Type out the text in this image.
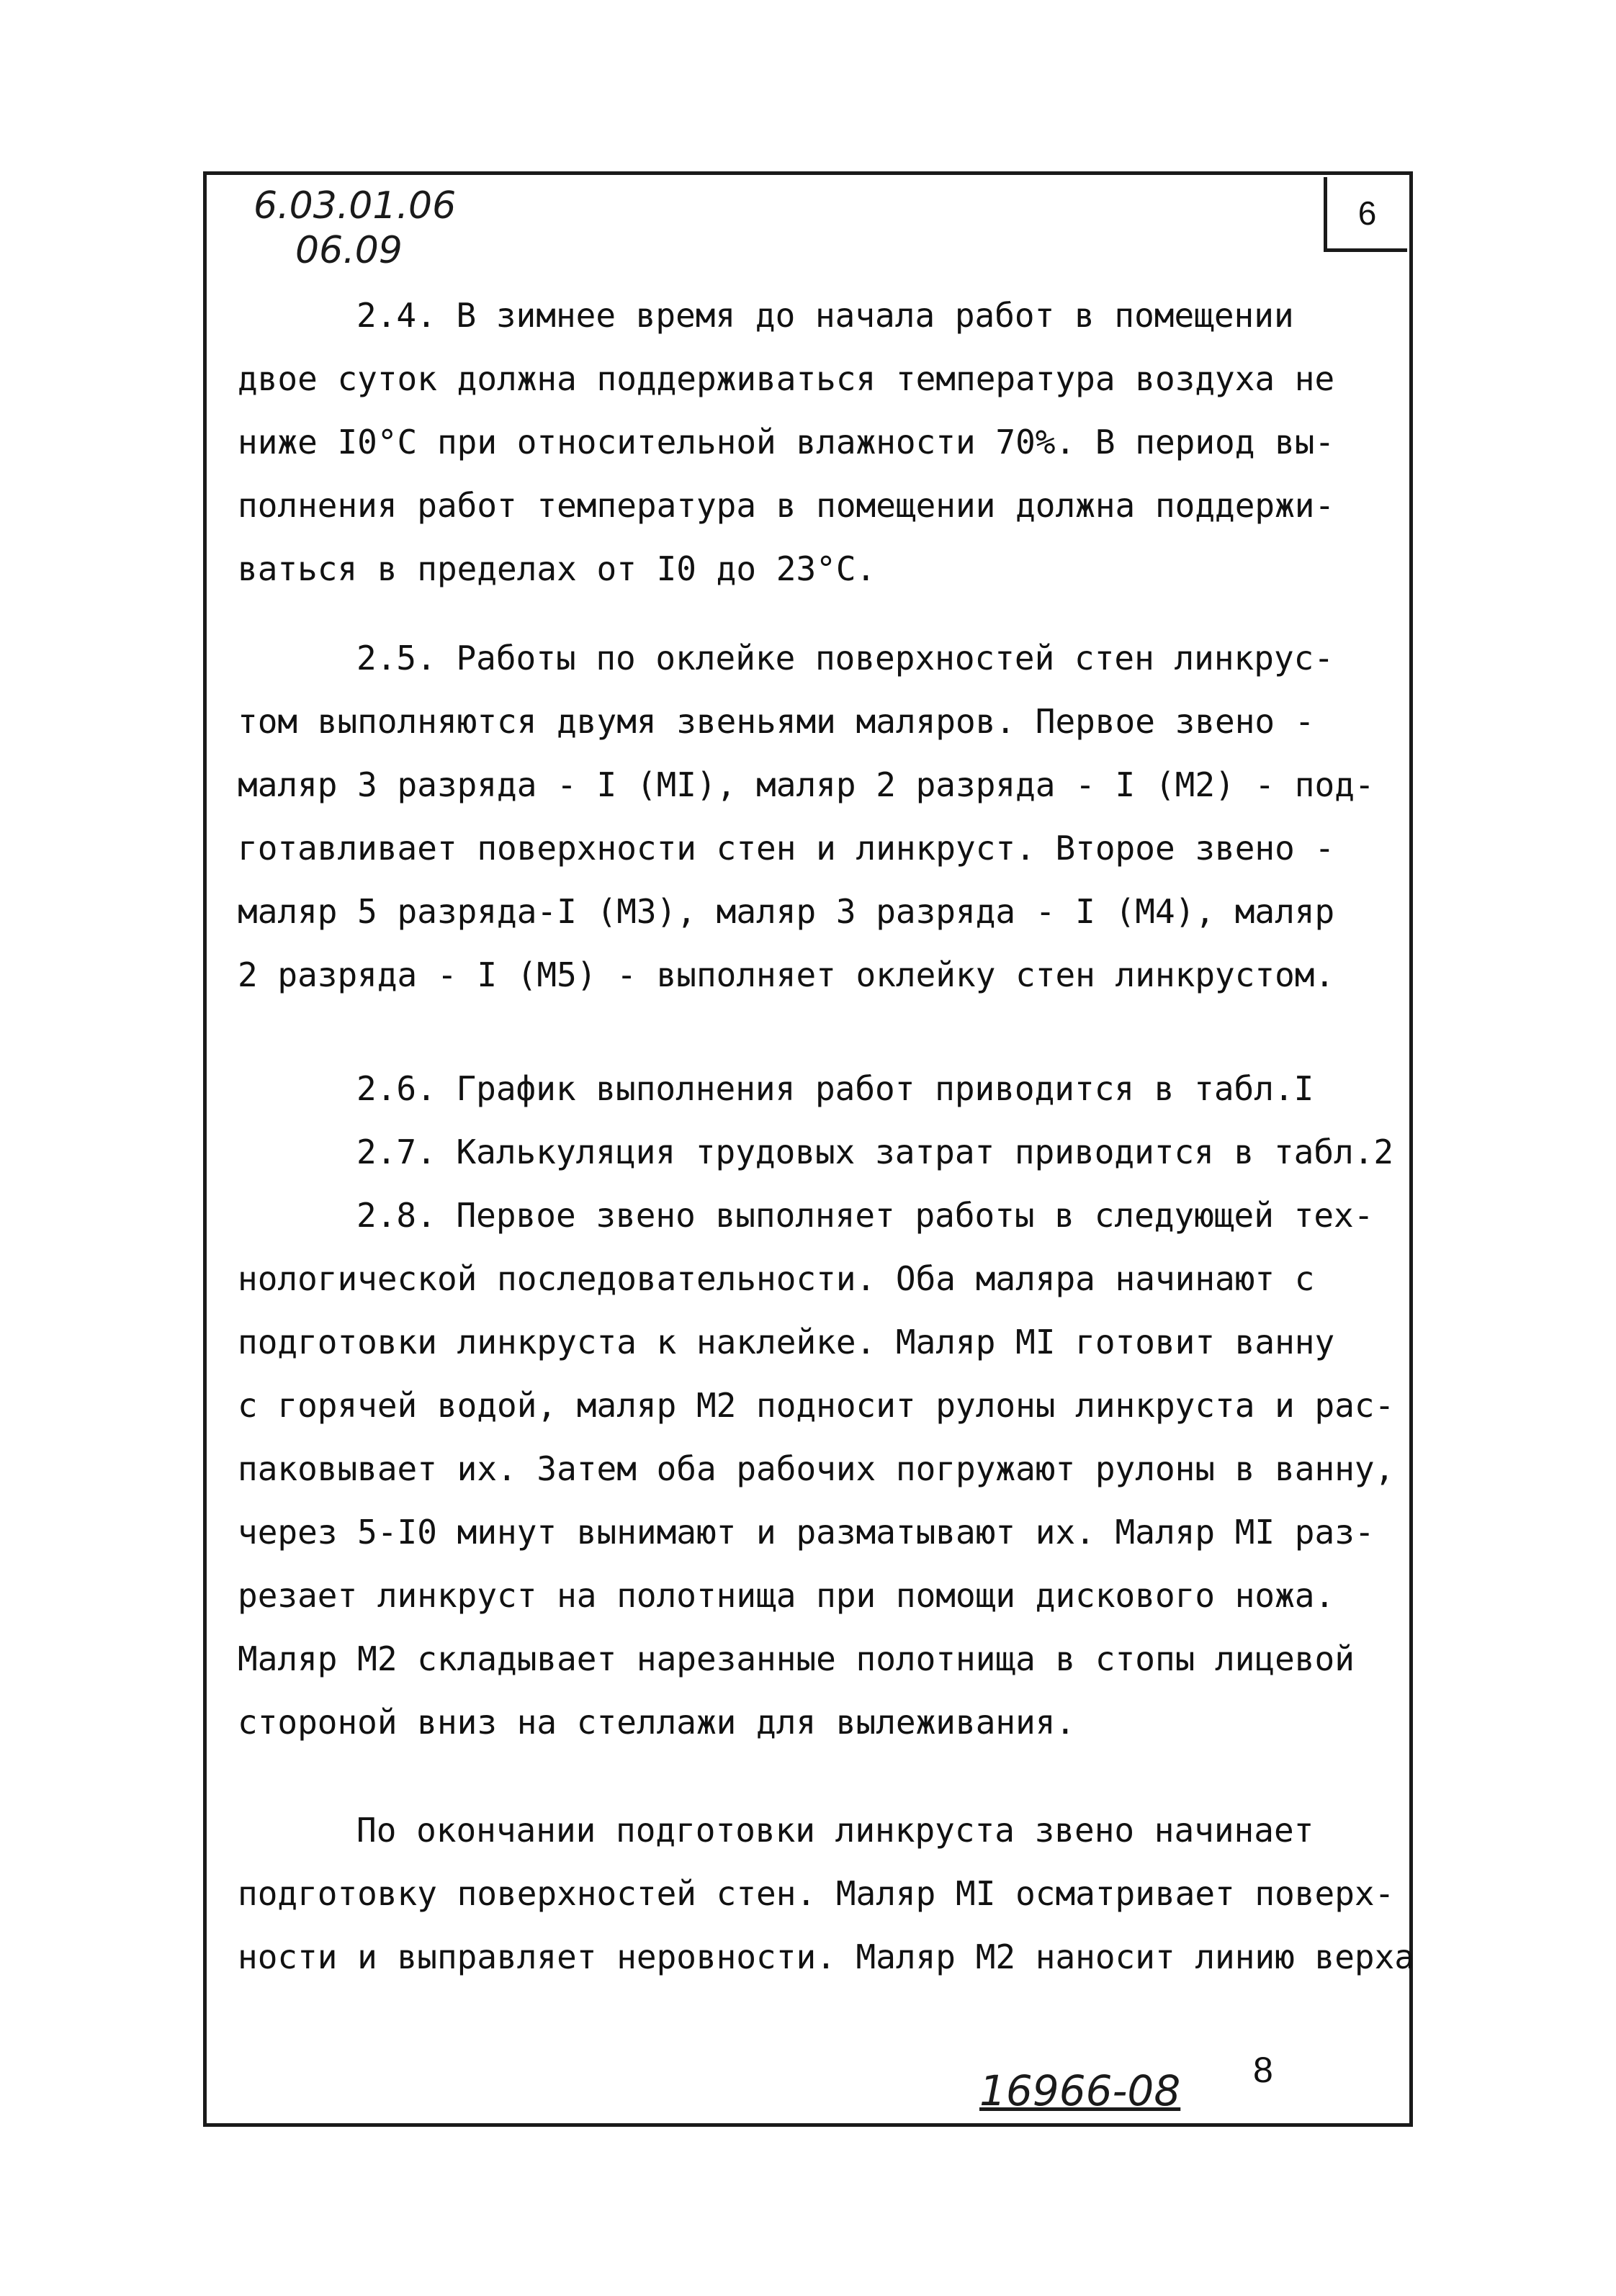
6.03.01.06
06.09
6
2.4. В зимнее время до начала работ в помещении
двое суток должна поддерживаться температура воздуха не
ниже I0°С при относительной влажности 70%. В период вы-
полнения работ температура в помещении должна поддержи-
ваться в пределах от I0 до 23°С.
2.5. Работы по оклейке поверхностей стен линкрус-
том выполняются двумя звеньями маляров. Первое звено -
маляр 3 разряда - I (МI), маляр 2 разряда - I (М2) - под-
готавливает поверхности стен и линкруст. Второе звено -
маляр 5 разряда-I (М3), маляр 3 разряда - I (М4), маляр
2 разряда - I (М5) - выполняет оклейку стен линкрустом.
2.6. График выполнения работ приводится в табл.I
2.7. Калькуляция трудовых затрат приводится в табл.2
2.8. Первое звено выполняет работы в следующей тех-
нологической последовательности. Оба маляра начинают с
подготовки линкруста к наклейке. Маляр МI готовит ванну
с горячей водой, маляр М2 подносит рулоны линкруста и рас-
паковывает их. Затем оба рабочих погружают рулоны в ванну,
через 5-I0 минут вынимают и разматывают их. Маляр МI раз-
резает линкруст на полотнища при помощи дискового ножа.
Маляр М2 складывает нарезанные полотнища в стопы лицевой
стороной вниз на стеллажи для вылеживания.
По окончании подготовки линкруста звено начинает
подготовку поверхностей стен. Маляр МI осматривает поверх-
ности и выправляет неровности. Маляр М2 наносит линию верха
16966-08 8
